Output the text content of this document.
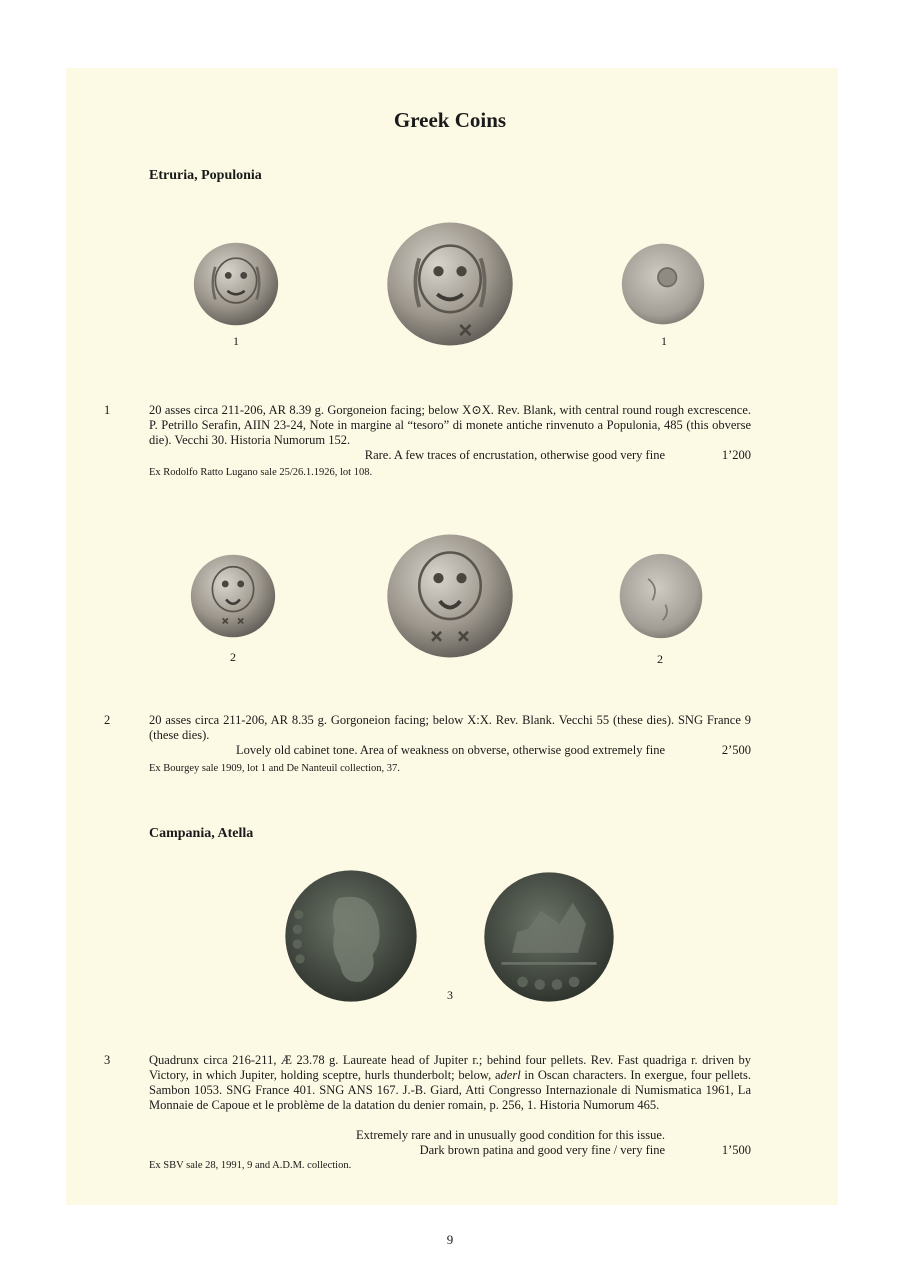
Greek Coins
Etruria, Populonia
1	1
1	20 asses circa 211-206, AR 8.39 g. Gorgoneion facing; below X⊙X. Rev. Blank, with central round rough excrescence. P. Petrillo Serafin, AIIN 23-24, Note in margine al “tesoro” di monete antiche rinvenuto a Populonia, 485 (this obverse die). Vecchi 30. Historia Numorum 152.
Rare. A few traces of encrustation, otherwise good very fine	1’200
Ex Rodolfo Ratto Lugano sale 25/26.1.1926, lot 108.
2	2
2	20 asses circa 211-206, AR 8.35 g. Gorgoneion facing; below X:X. Rev. Blank. Vecchi 55 (these dies). SNG France 9 (these dies).
Lovely old cabinet tone. Area of weakness on obverse, otherwise good extremely fine	2’500
Ex Bourgey sale 1909, lot 1 and De Nanteuil collection, 37.
Campania, Atella
3
3	Quadrunx circa 216-211, Æ 23.78 g. Laureate head of Jupiter r.; behind four pellets. Rev. Fast quadriga r. driven by Victory, in which Jupiter, holding sceptre, hurls thunderbolt; below, aderl in Oscan characters. In exergue, four pellets. Sambon 1053. SNG France 401. SNG ANS 167. J.-B. Giard, Atti Congresso Internazionale di Numismatica 1961, La Monnaie de Capoue et le problème de la datation du denier romain, p. 256, 1. Historia Numorum 465.
Extremely rare and in unusually good condition for this issue.
Dark brown patina and good very fine / very fine	1’500
Ex SBV sale 28, 1991, 9 and A.D.M. collection.
9
